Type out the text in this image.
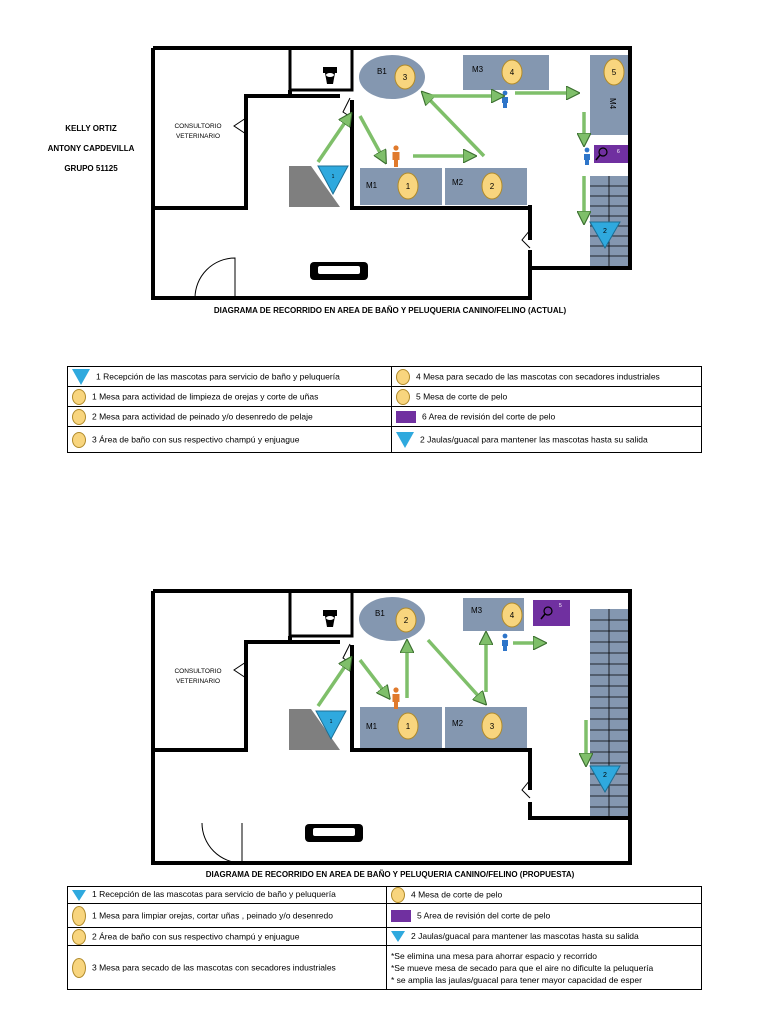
KELLY ORTIZ
ANTONY CAPDEVILLA
GRUPO 51125
CONSULTORIO
VETERINARIO
B1
3
M1	1	M2	2
M3	4
M4
5
6
2
1
DIAGRAMA DE RECORRIDO EN AREA DE BAÑO Y PELUQUERIA CANINO/FELINO (ACTUAL)
1 Recepción de las mascotas para servicio de baño y peluquería	4 Mesa para secado de las mascotas con secadores industriales
1 Mesa para actividad de limpieza de orejas y corte de uñas	5 Mesa de corte de pelo
2 Mesa para actividad de peinado y/o desenredo de pelaje	6 Area de revisión del corte de pelo
3 Área de baño con sus respectivo champú y enjuague	2 Jaulas/guacal para mantener las mascotas hasta su salida
CONSULTORIO
VETERINARIO
B1
2
M1	1	M2	3
M3
4
5
2
1
DIAGRAMA DE RECORRIDO EN AREA DE BAÑO Y PELUQUERIA CANINO/FELINO (PROPUESTA)
1 Recepción de las mascotas para servicio de baño y peluquería	4 Mesa de corte de pelo
1 Mesa para limpiar orejas, cortar uñas , peinado y/o desenredo	5 Area de revisión del corte de pelo
2 Área de baño con sus respectivo champú y enjuague	2 Jaulas/guacal para mantener las mascotas hasta su salida
3 Mesa para secado de las mascotas con secadores industriales	*Se elimina una mesa para ahorrar espacio y recorrido
*Se mueve mesa de secado para que el aire no dificulte la peluquería
* se amplia las jaulas/guacal para tener mayor capacidad de esper
